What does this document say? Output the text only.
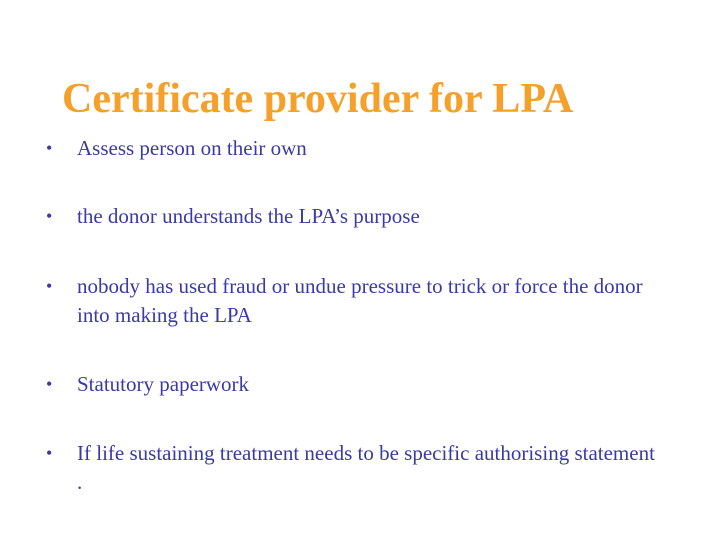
Certificate provider for LPA
•	Assess person on their own
•	the donor understands the LPA’s purpose
•	nobody has used fraud or undue pressure to trick or force the donor into making the LPA
•	Statutory paperwork
•	If life sustaining treatment needs to be specific authorising statement .
